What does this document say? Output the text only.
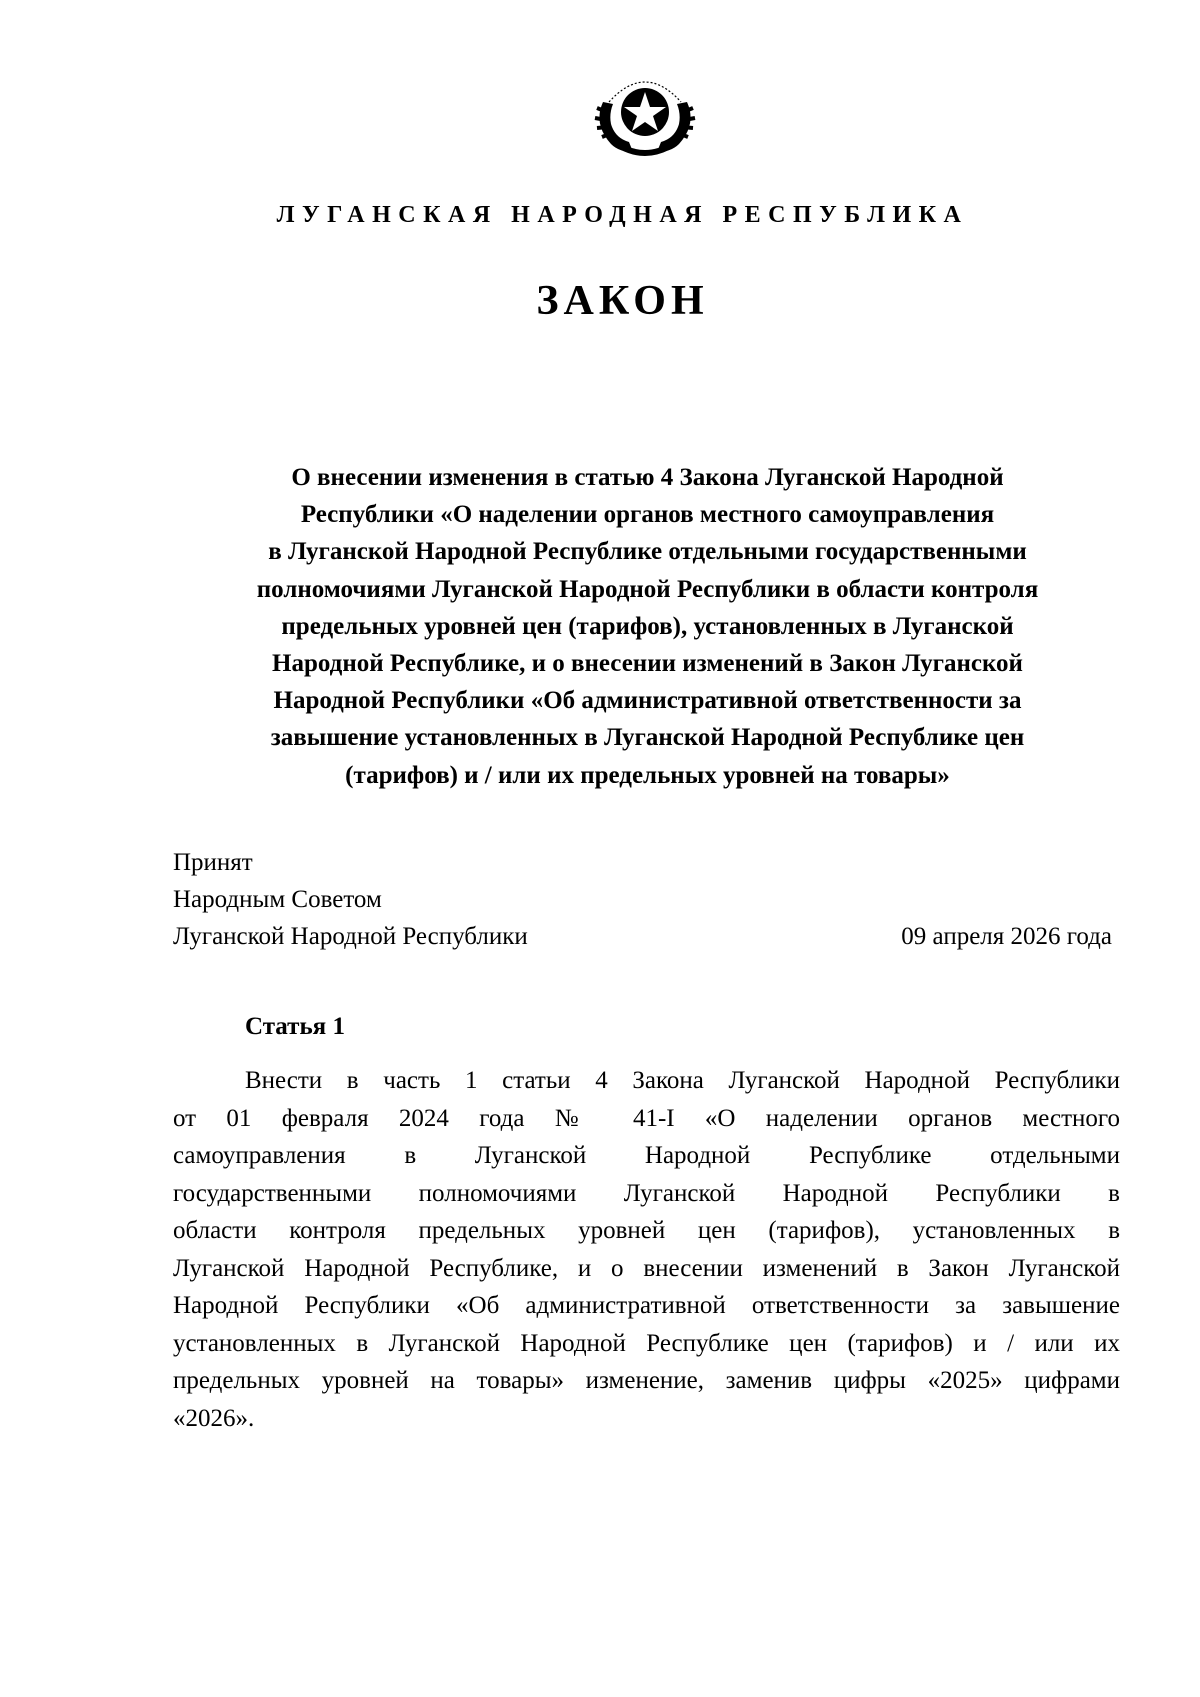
ЛУГАНСКАЯ НАРОДНАЯ РЕСПУБЛИКА
ЗАКОН
О внесении изменения в статью 4 Закона Луганской Народной
Республики «О наделении органов местного самоуправления
в Луганской Народной Республике отдельными государственными
полномочиями Луганской Народной Республики в области контроля
предельных уровней цен (тарифов), установленных в Луганской
Народной Республике, и о внесении изменений в Закон Луганской
Народной Республики «Об административной ответственности за
завышение установленных в Луганской Народной Республике цен
(тарифов) и / или их предельных уровней на товары»
Принят
Народным Советом
Луганской Народной Республики	09 апреля 2026 года
Статья 1
Внести в часть 1 статьи 4 Закона Луганской Народной Республики
от 01 февраля 2024 года № 41-I «О наделении органов местного
самоуправления в Луганской Народной Республике отдельными
государственными полномочиями Луганской Народной Республики в
области контроля предельных уровней цен (тарифов), установленных в
Луганской Народной Республике, и о внесении изменений в Закон Луганской
Народной Республики «Об административной ответственности за завышение
установленных в Луганской Народной Республике цен (тарифов) и / или их
предельных уровней на товары» изменение, заменив цифры «2025» цифрами
«2026».
